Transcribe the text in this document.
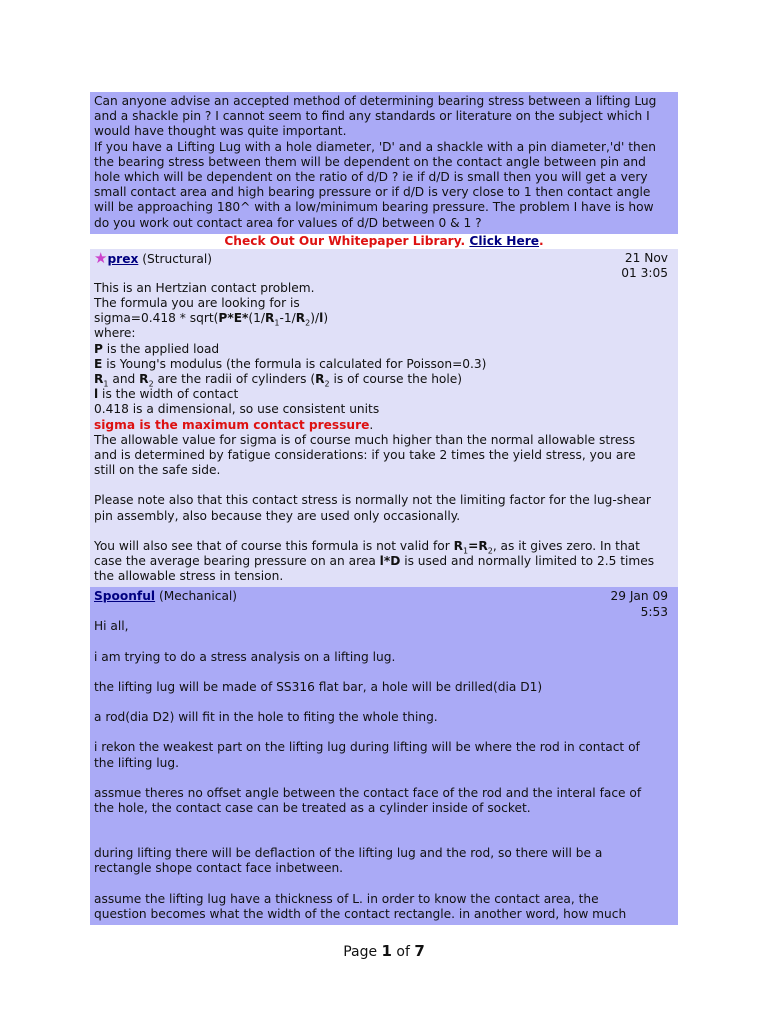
Can anyone advise an accepted method of determining bearing stress between a lifting Lug
and a shackle pin ? I cannot seem to find any standards or literature on the subject which I
would have thought was quite important.
If you have a Lifting Lug with a hole diameter, 'D' and a shackle with a pin diameter,'d' then
the bearing stress between them will be dependent on the contact angle between pin and
hole which will be dependent on the ratio of d/D ? ie if d/D is small then you will get a very
small contact area and high bearing pressure or if d/D is very close to 1 then contact angle
will be approaching 180^ with a low/minimum bearing pressure. The problem I have is how
do you work out contact area for values of d/D between 0 & 1 ?
Check Out Our Whitepaper Library. Click Here.
★prex (Structural)	21 Nov
01 3:05
This is an Hertzian contact problem.
The formula you are looking for is
sigma=0.418 * $sqrt(P*E*(1/R_1-1/R_2)/l)$
where:
P is the applied load
E is Young's modulus (the formula is calculated for Poisson=0.3)
$R_1$ and $R_2$ are the radii of cylinders ($R_2$ is of course the hole)
l is the width of contact
0.418 is a dimensional, so use consistent units
sigma is the maximum contact pressure.
The allowable value for sigma is of course much higher than the normal allowable stress
and is determined by fatigue considerations: if you take 2 times the yield stress, you are
still on the safe side.
Please note also that this contact stress is normally not the limiting factor for the lug-shear
pin assembly, also because they are used only occasionally.
You will also see that of course this formula is not valid for $R_1=R_2$, as it gives zero. In that
case the average bearing pressure on an area l*D is used and normally limited to 2.5 times
the allowable stress in tension.
Spoonful (Mechanical)	29 Jan 09
5:53
Hi all,
i am trying to do a stress analysis on a lifting lug.
the lifting lug will be made of SS316 flat bar, a hole will be drilled(dia D1)
a rod(dia D2) will fit in the hole to fiting the whole thing.
i rekon the weakest part on the lifting lug during lifting will be where the rod in contact of
the lifting lug.
assmue theres no offset angle between the contact face of the rod and the interal face of
the hole, the contact case can be treated as a cylinder inside of socket.
during lifting there will be deflaction of the lifting lug and the rod, so there will be a
rectangle shope contact face inbetween.
assume the lifting lug have a thickness of L. in order to know the contact area, the
question becomes what the width of the contact rectangle. in another word, how much
Page 1 of 7
